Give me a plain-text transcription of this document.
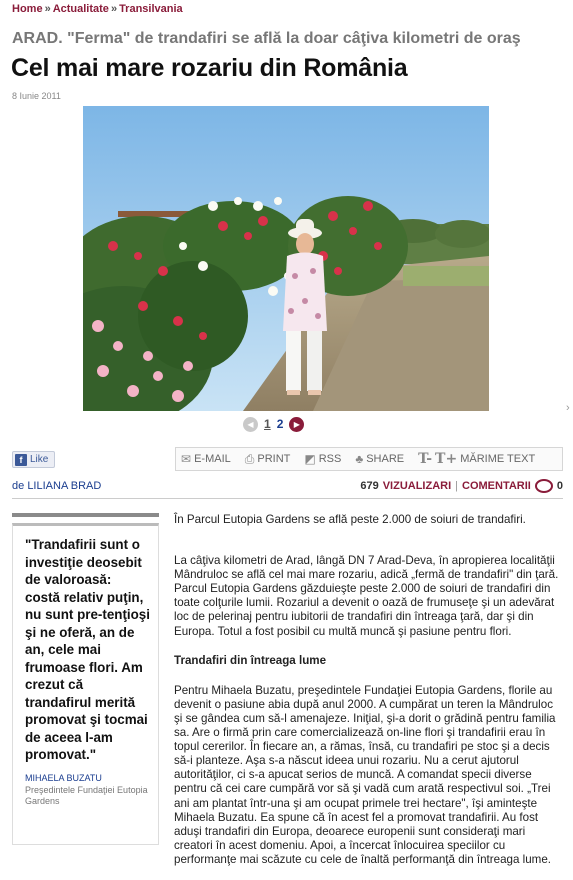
Home » Actualitate » Transilvania
ARAD. "Ferma" de trandafiri se află la doar câţiva kilometri de oraş
Cel mai mare rozariu din România
8 Iunie 2011
◀ 1 2	▶
›
f Like	✉ E-MAIL ⎙ PRINT ◩ RSS ♣ SHARE T- T+ MĂRIME TEXT
de LILIANA BRAD	679 VIZUALIZARI | COMENTARII 0

"Trandafirii sunt o investiţie deosebit de valoroasă: costă relativ puţin, nu sunt pre-tenţioşi şi ne oferă, an de an, cele mai frumoase flori. Am crezut că trandafirul merită promovat şi tocmai de aceea l-am promovat."

MIHAELA BUZATU
Preşedintele Fundaţiei Eutopia Gardens

În Parcul Eutopia Gardens se află peste 2.000 de soiuri de trandafiri.

La câţiva kilometri de Arad, lângă DN 7 Arad-Deva, în apropierea localităţii Mândruloc se află cel mai mare rozariu, adică „fermă de trandafiri" din ţară. Parcul Eutopia Gardens găzduieşte peste 2.000 de soiuri de trandafiri din toate colţurile lumii. Rozariul a devenit o oază de frumuseţe şi un adevărat loc de pelerinaj pentru iubitorii de trandafiri din întreaga ţară, dar şi din Europa. Totul a fost posibil cu multă muncă şi pasiune pentru flori.

Trandafiri din întreaga lume

Pentru Mihaela Buzatu, preşedintele Fundaţiei Eutopia Gardens, florile au devenit o pasiune abia după anul 2000. A cumpărat un teren la Mândruloc şi se gândea cum să-l amenajeze. Iniţial, şi-a dorit o grădină pentru familia sa. Are o firmă prin care comercializează on-line flori şi trandafirii erau în topul cererilor. În fiecare an, a rămas, însă, cu trandafiri pe stoc şi a decis să-i planteze. Aşa s-a născut ideea unui rozariu. Nu a cerut ajutorul autorităţilor, ci s-a apucat serios de muncă. A comandat specii diverse pentru că cei care cumpără vor să şi vadă cum arată respectivul soi. „Trei ani am plantat într-una şi am ocupat primele trei hectare", îşi aminteşte Mihaela Buzatu. Ea spune că în acest fel a promovat trandafirii. Au fost aduşi trandafiri din Europa, deoarece europenii sunt consideraţi mari creatori în acest domeniu. Apoi, a încercat înlocuirea speciilor cu performanţe mai scăzute cu cele de înaltă performanţă din întreaga lume.
